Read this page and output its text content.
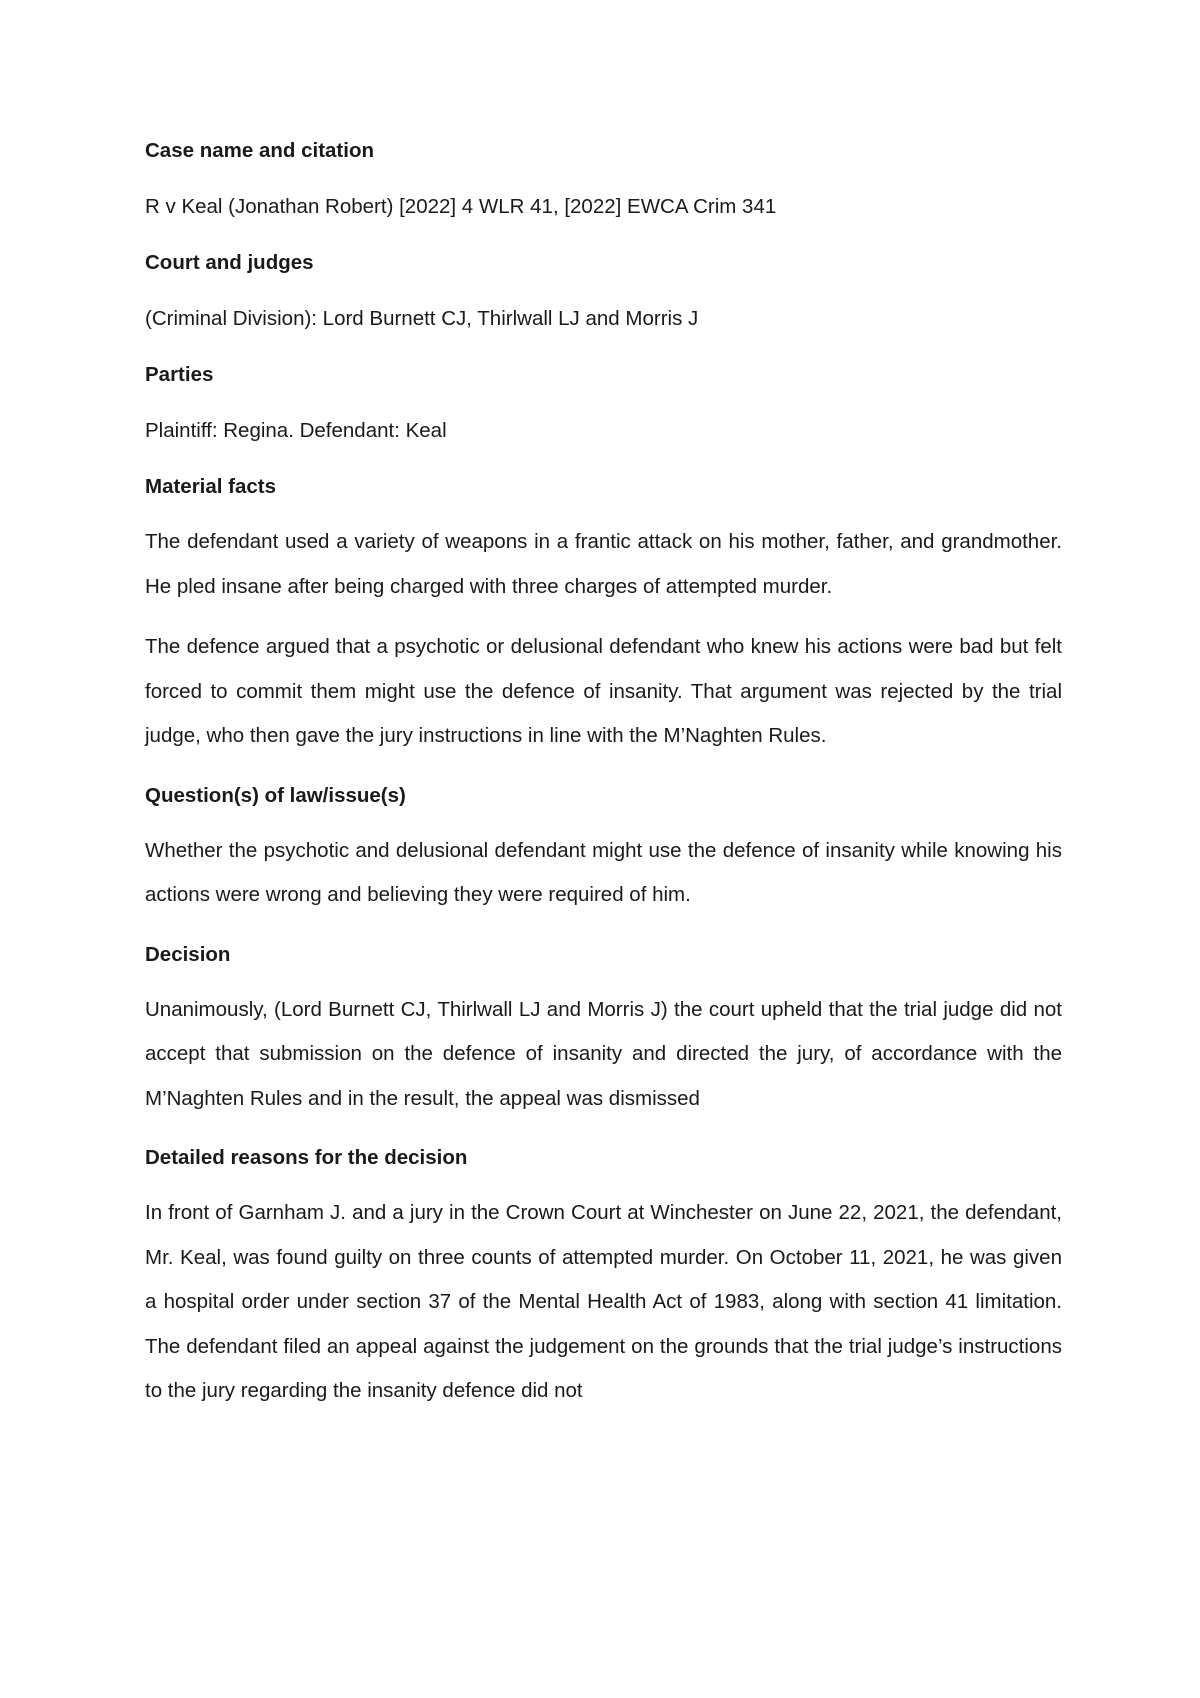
Case name and citation
R v Keal (Jonathan Robert) [2022] 4 WLR 41, [2022] EWCA Crim 341
Court and judges
(Criminal Division): Lord Burnett CJ, Thirlwall LJ and Morris J
Parties
Plaintiff: Regina. Defendant: Keal
Material facts
The defendant used a variety of weapons in a frantic attack on his mother, father, and grandmother. He pled insane after being charged with three charges of attempted murder.
The defence argued that a psychotic or delusional defendant who knew his actions were bad but felt forced to commit them might use the defence of insanity. That argument was rejected by the trial judge, who then gave the jury instructions in line with the M’Naghten Rules.
Question(s) of law/issue(s)
Whether the psychotic and delusional defendant might use the defence of insanity while knowing his actions were wrong and believing they were required of him.
Decision
Unanimously, (Lord Burnett CJ, Thirlwall LJ and Morris J) the court upheld that the trial judge did not accept that submission on the defence of insanity and directed the jury, of accordance with the M’Naghten Rules and in the result, the appeal was dismissed
Detailed reasons for the decision
In front of Garnham J. and a jury in the Crown Court at Winchester on June 22, 2021, the defendant, Mr. Keal, was found guilty on three counts of attempted murder. On October 11, 2021, he was given a hospital order under section 37 of the Mental Health Act of 1983, along with section 41 limitation. The defendant filed an appeal against the judgement on the grounds that the trial judge’s instructions to the jury regarding the insanity defence did not
